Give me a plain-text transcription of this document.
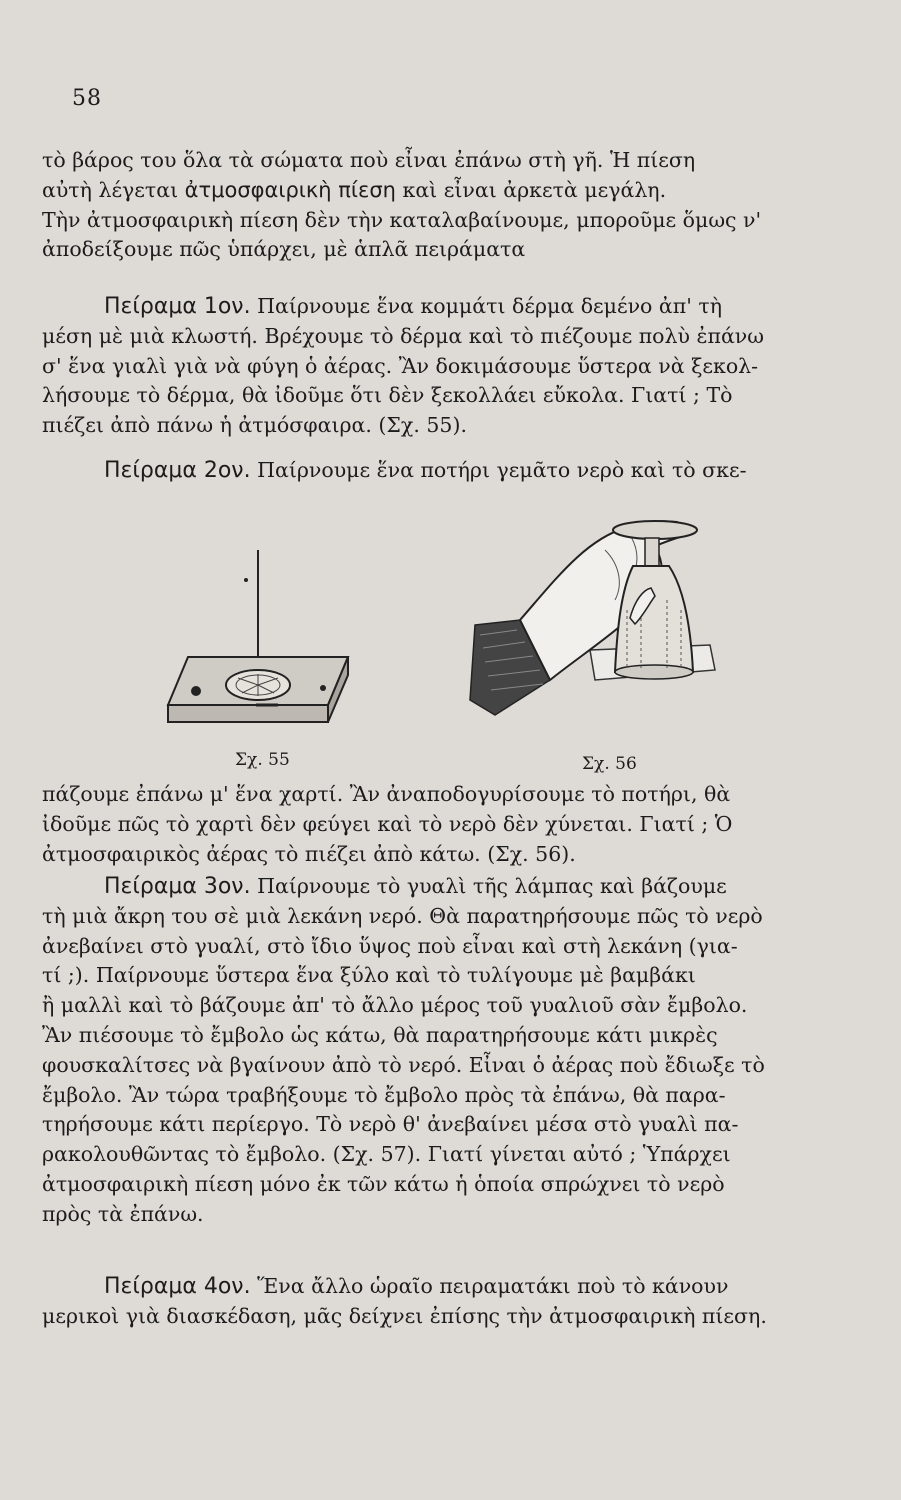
58
τὸ βάρος του ὅλα τὰ σώματα ποὺ εἶναι ἐπάνω στὴ γῆ. Ἡ πίεση
αὐτὴ λέγεται ἀτμοσφαιρικὴ πίεση καὶ εἶναι ἀρκετὰ μεγάλη.
Τὴν ἀτμοσφαιρικὴ πίεση δὲν τὴν καταλαβαίνουμε, μποροῦμε ὅμως ν'
ἀποδείξουμε πῶς ὑπάρχει, μὲ ἁπλᾶ πειράματα
Πείραμα 1ον. Παίρνουμε ἕνα κομμάτι δέρμα δεμένο ἀπ' τὴ
μέση μὲ μιὰ κλωστή. Βρέχουμε τὸ δέρμα καὶ τὸ πιέζουμε πολὺ ἐπάνω
σ' ἕνα γιαλὶ γιὰ νὰ φύγη ὁ ἀέρας. Ἂν δοκιμάσουμε ὕστερα νὰ ξεκολ-
λήσουμε τὸ δέρμα, θὰ ἰδοῦμε ὅτι δὲν ξεκολλάει εὔκολα. Γιατί ; Τὸ
πιέζει ἀπὸ πάνω ἡ ἀτμόσφαιρα. (Σχ. 55).
Πείραμα 2ον. Παίρνουμε ἕνα ποτήρι γεμᾶτο νερὸ καὶ τὸ σκε-
Σχ. 55	Σχ. 56
πάζουμε ἐπάνω μ' ἕνα χαρτί. Ἂν ἀναποδογυρίσουμε τὸ ποτήρι, θὰ
ἰδοῦμε πῶς τὸ χαρτὶ δὲν φεύγει καὶ τὸ νερὸ δὲν χύνεται. Γιατί ; Ὁ
ἀτμοσφαιρικὸς ἀέρας τὸ πιέζει ἀπὸ κάτω. (Σχ. 56).
Πείραμα 3ον. Παίρνουμε τὸ γυαλὶ τῆς λάμπας καὶ βάζουμε
τὴ μιὰ ἄκρη του σὲ μιὰ λεκάνη νερό. Θὰ παρατηρήσουμε πῶς τὸ νερὸ
ἀνεβαίνει στὸ γυαλί, στὸ ἴδιο ὕψος ποὺ εἶναι καὶ στὴ λεκάνη (για-
τί ;). Παίρνουμε ὕστερα ἕνα ξύλο καὶ τὸ τυλίγουμε μὲ βαμβάκι
ἢ μαλλὶ καὶ τὸ βάζουμε ἀπ' τὸ ἄλλο μέρος τοῦ γυαλιοῦ σὰν ἔμβολο.
Ἂν πιέσουμε τὸ ἔμβολο ὡς κάτω, θὰ παρατηρήσουμε κάτι μικρὲς
φουσκαλίτσες νὰ βγαίνουν ἀπὸ τὸ νερό. Εἶναι ὁ ἀέρας ποὺ ἔδιωξε τὸ
ἔμβολο. Ἂν τώρα τραβήξουμε τὸ ἔμβολο πρὸς τὰ ἐπάνω, θὰ παρα-
τηρήσουμε κάτι περίεργο. Τὸ νερὸ θ' ἀνεβαίνει μέσα στὸ γυαλὶ πα-
ρακολουθῶντας τὸ ἔμβολο. (Σχ. 57). Γιατί γίνεται αὐτό ; Ὑπάρχει
ἀτμοσφαιρικὴ πίεση μόνο ἐκ τῶν κάτω ἡ ὁποία σπρώχνει τὸ νερὸ
πρὸς τὰ ἐπάνω.
Πείραμα 4ον. Ἕνα ἄλλο ὡραῖο πειραματάκι ποὺ τὸ κάνουν
μερικοὶ γιὰ διασκέδαση, μᾶς δείχνει ἐπίσης τὴν ἀτμοσφαιρικὴ πίεση.
